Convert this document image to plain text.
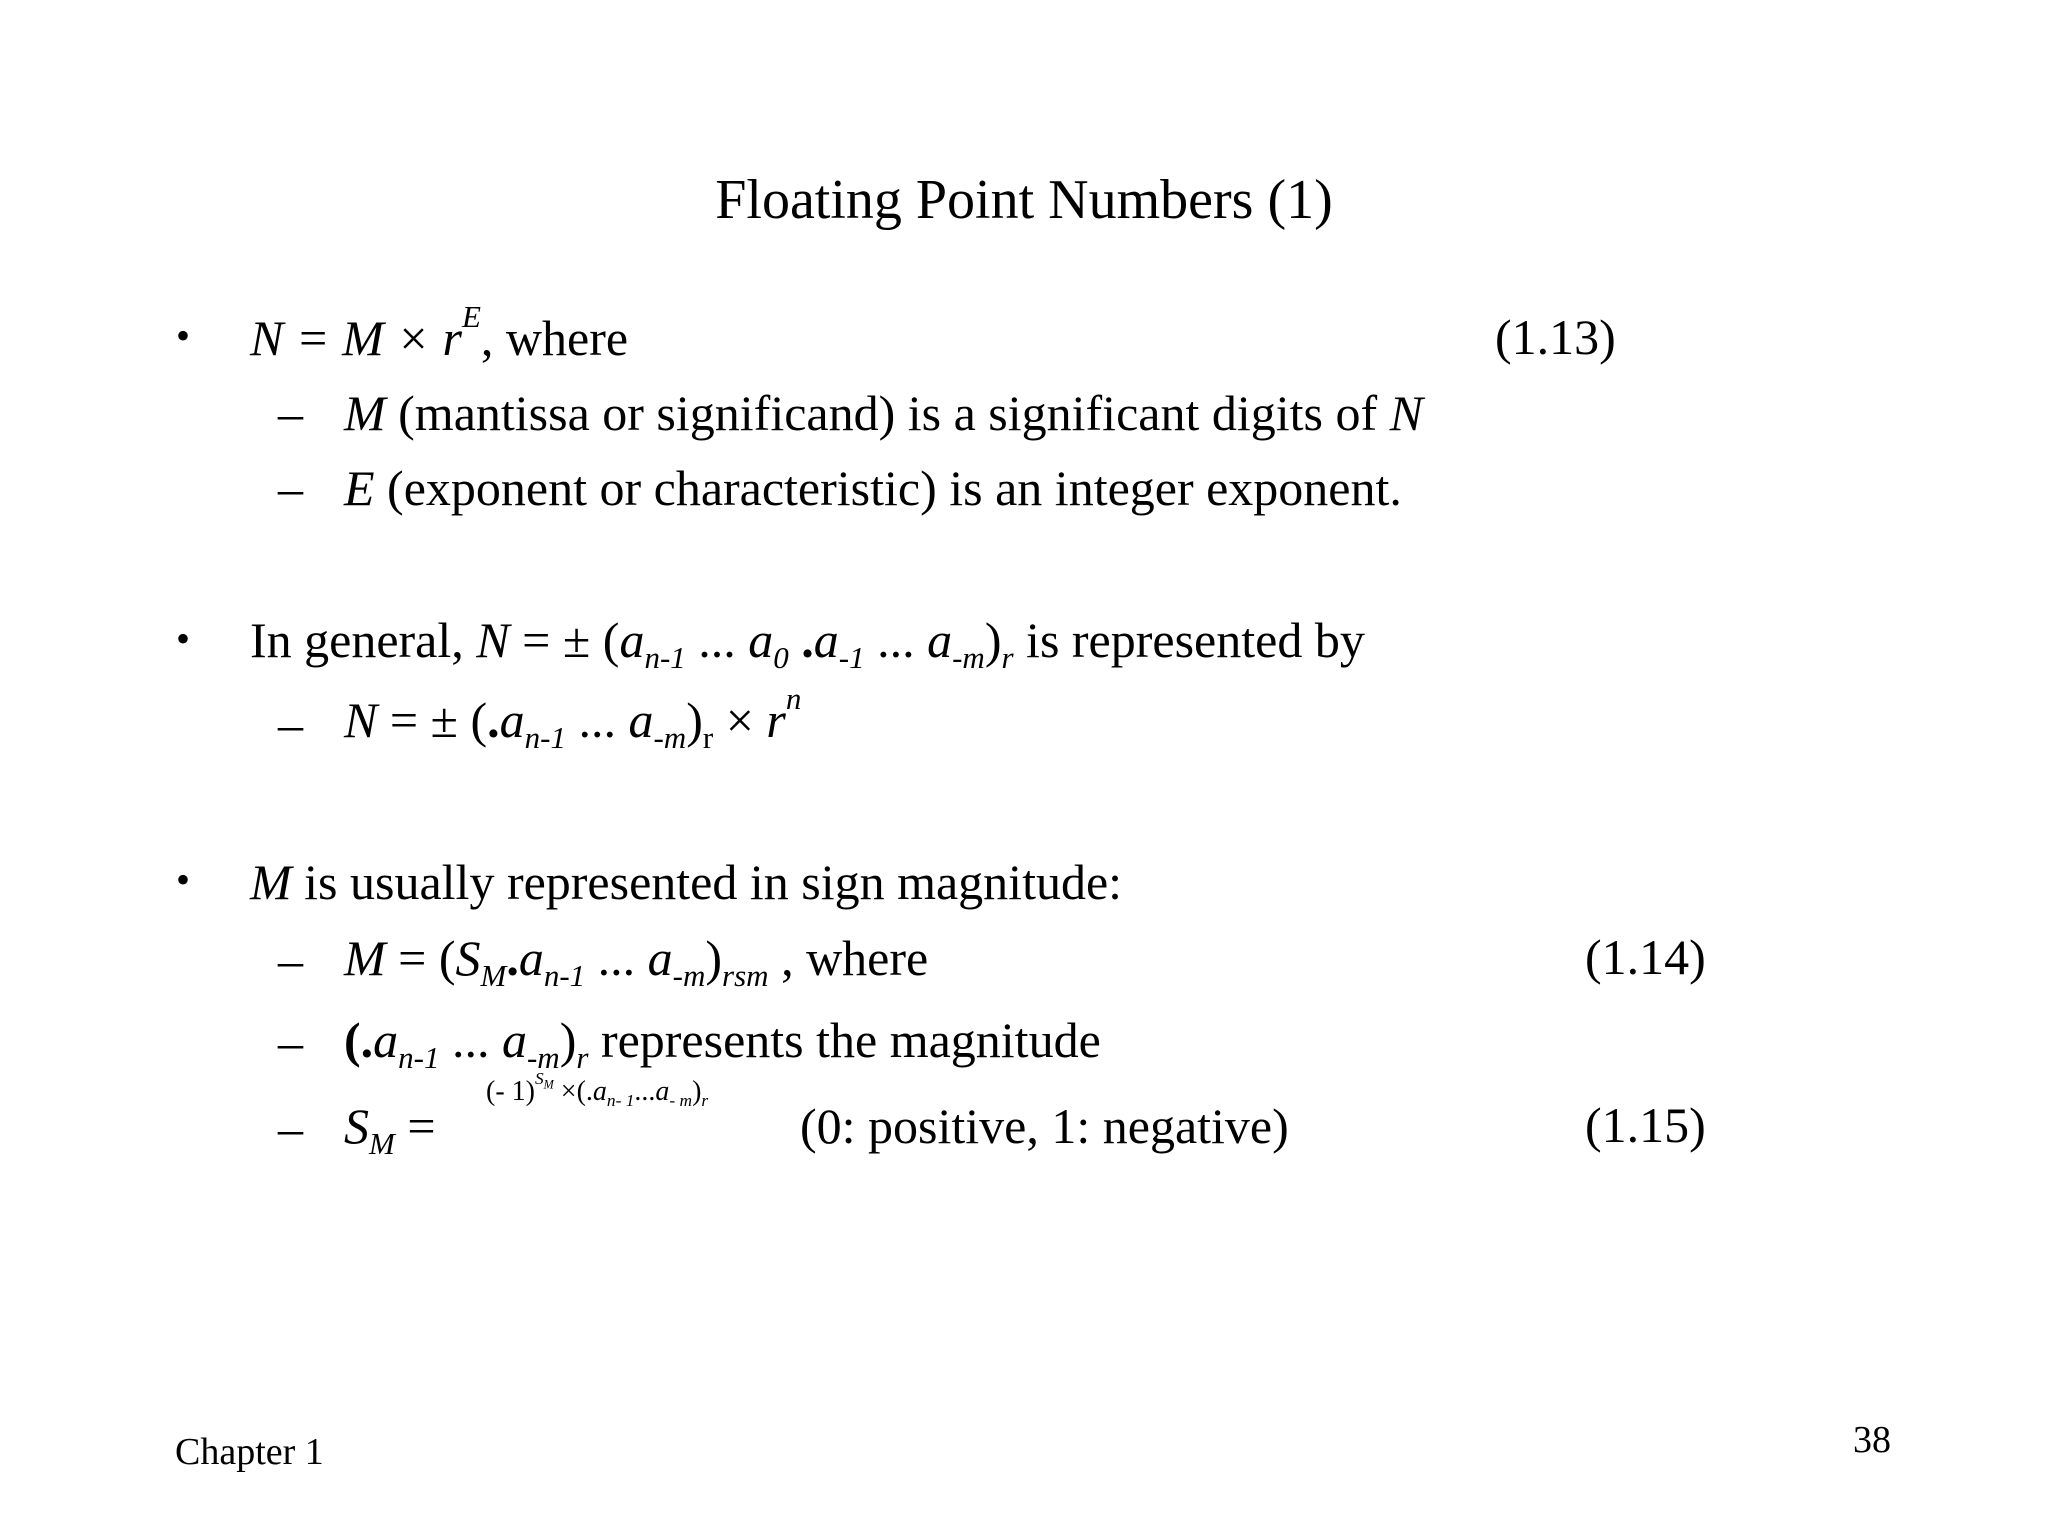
Floating Point Numbers (1)
• $N = M \times r^E$, where	(1.13)
– M (mantissa or significand) is a significant digits of N
– E (exponent or characteristic) is an integer exponent.
• In general, N = ± ($a_{n-1}$ ... $a_0$ $.a_{-1}$ ... $a_{-m})_r$ is represented by
– N = ± ($.a_{n-1}$ ... $a_{-m})_r \times r^n$
• M is usually represented in sign magnitude:
– $M = (S_M.a_{n-1}$ ... $a_{-m})_{rsm}$ , where	(1.14)
– ($.a_{n-1}$ ... $a_{-m})_r$ represents the magnitude
(- $1)℠ \times(.a_{n- 1}...a_{- m})_r$
– $S_M$ =	(0: positive, 1: negative)	(1.15)
Chapter 1	38
